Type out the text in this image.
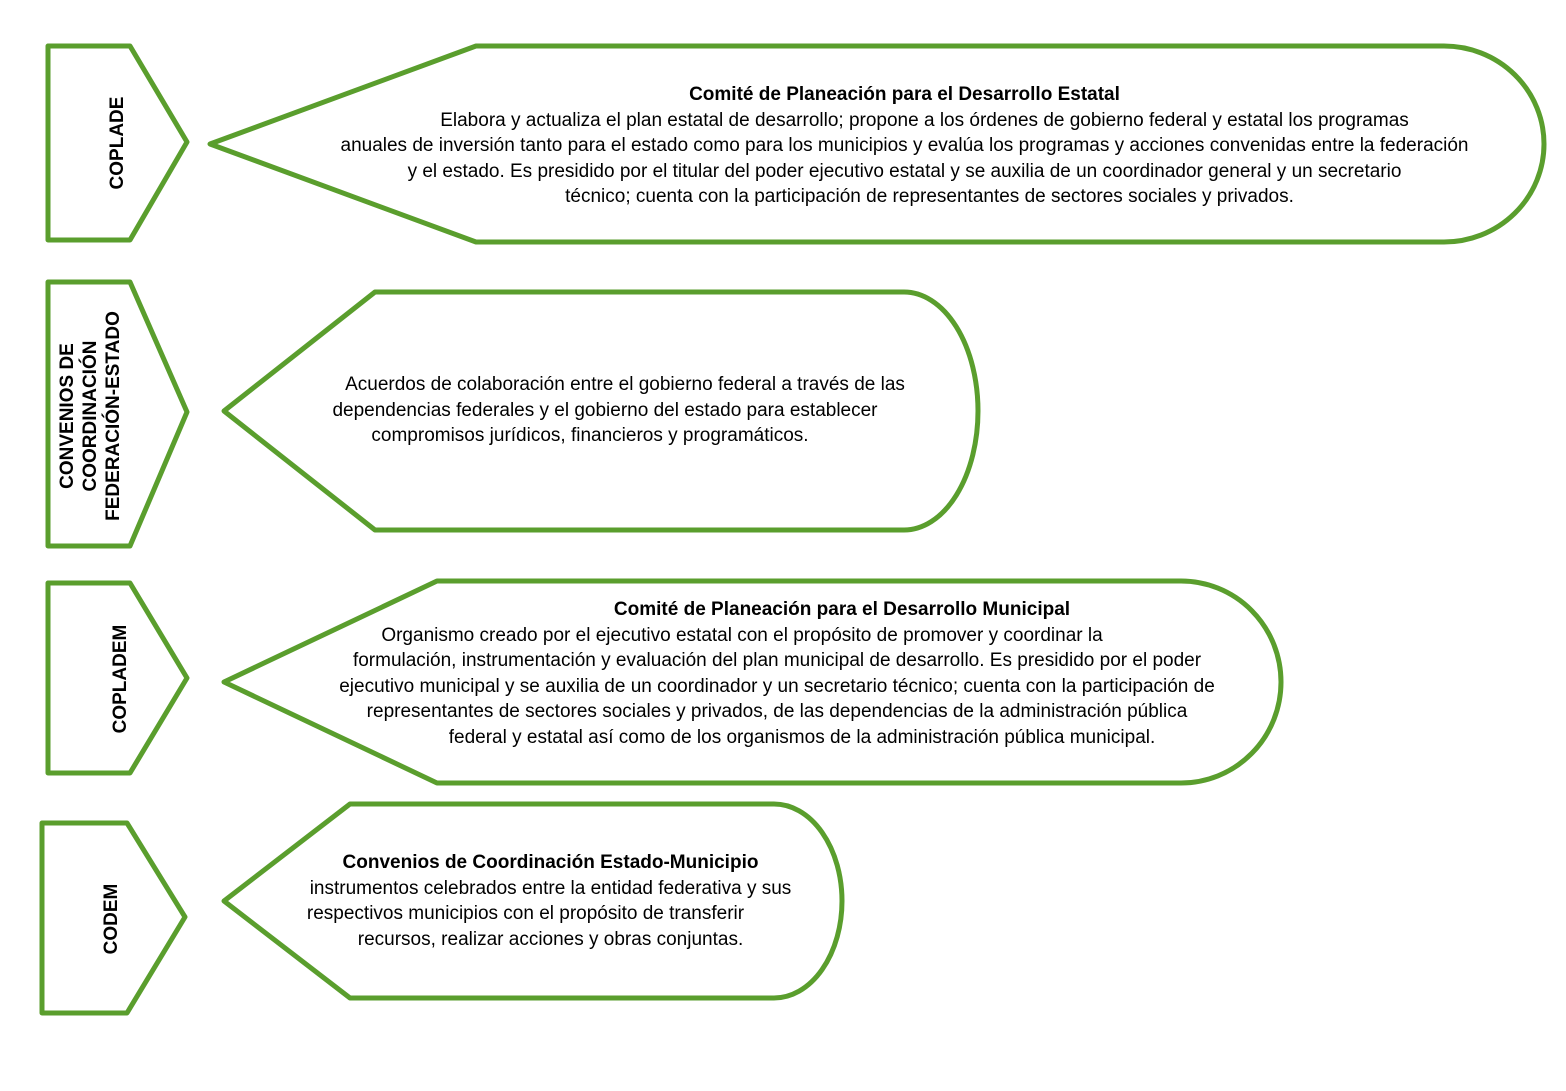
COPLADE
Comité de Planeación para el Desarrollo Estatal
Elabora y actualiza el plan estatal de desarrollo; propone a los órdenes de gobierno federal y estatal los programas
anuales de inversión tanto para el estado como para los municipios y evalúa los programas y acciones convenidas entre la federación
y el estado. Es presidido por el titular del poder ejecutivo estatal y se auxilia de un coordinador general y un secretario
técnico; cuenta con la participación de representantes de sectores sociales y privados.
CONVENIOS DE COORDINACIÓN FEDERACIÓN-ESTADO	Acuerdos de colaboración entre el gobierno federal a través de las
dependencias federales y el gobierno del estado para establecer
compromisos jurídicos, financieros y programáticos.
COPLADEM
Comité de Planeación para el Desarrollo Municipal
Organismo creado por el ejecutivo estatal con el propósito de promover y coordinar la
formulación, instrumentación y evaluación del plan municipal de desarrollo. Es presidido por el poder
ejecutivo municipal y se auxilia de un coordinador y un secretario técnico; cuenta con la participación de
representantes de sectores sociales y privados, de las dependencias de la administración pública
federal y estatal así como de los organismos de la administración pública municipal.
CODEM
Convenios de Coordinación Estado-Municipio
instrumentos celebrados entre la entidad federativa y sus
respectivos municipios con el propósito de transferir
recursos, realizar acciones y obras conjuntas.
